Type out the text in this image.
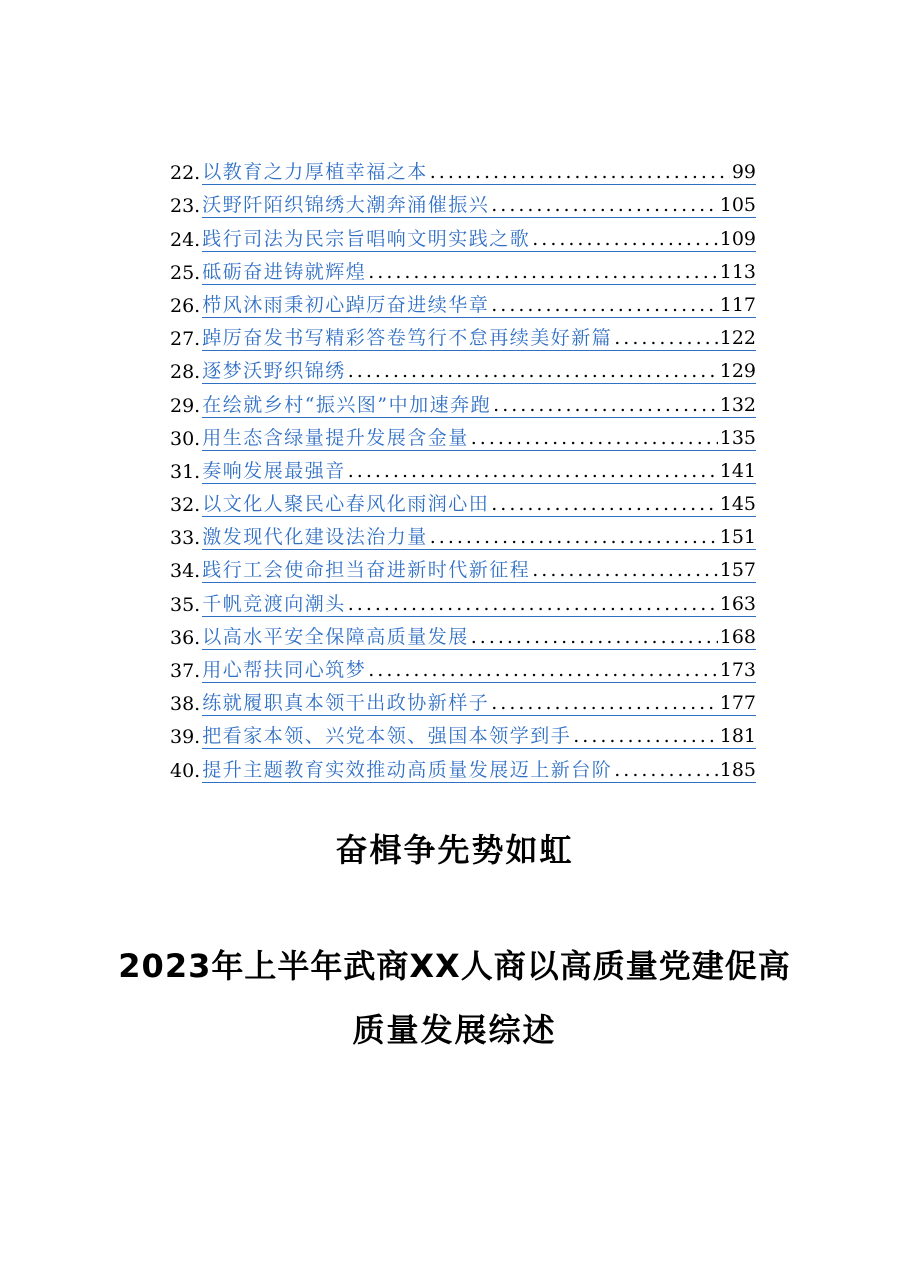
22. 以教育之力厚植幸福之本 .....	99
23. 沃野阡陌织锦绣大潮奔涌催振兴 .....	105
24. 践行司法为民宗旨唱响文明实践之歌 .....	109
25. 砥砺奋进铸就辉煌 .....	113
26. 栉风沐雨秉初心踔厉奋进续华章 .....	117
27. 踔厉奋发书写精彩答卷笃行不怠再续美好新篇 .....	122
28. 逐梦沃野织锦绣 .....	129
29. 在绘就乡村“振兴图”中加速奔跑 .....	132
30. 用生态含绿量提升发展含金量 .....	135
31. 奏响发展最强音 .....	141
32. 以文化人聚民心春风化雨润心田 .....	145
33. 激发现代化建设法治力量 .....	151
34. 践行工会使命担当奋进新时代新征程 .....	157
35. 千帆竞渡向潮头 .....	163
36. 以高水平安全保障高质量发展 .....	168
37. 用心帮扶同心筑梦 .....	173
38. 练就履职真本领干出政协新样子 .....	177
39. 把看家本领、兴党本领、强国本领学到手 .....	181
40. 提升主题教育实效推动高质量发展迈上新台阶 .....	185
奋楫争先势如虹
2023年上半年武商XX人商以高质量党建促高
质量发展综述
